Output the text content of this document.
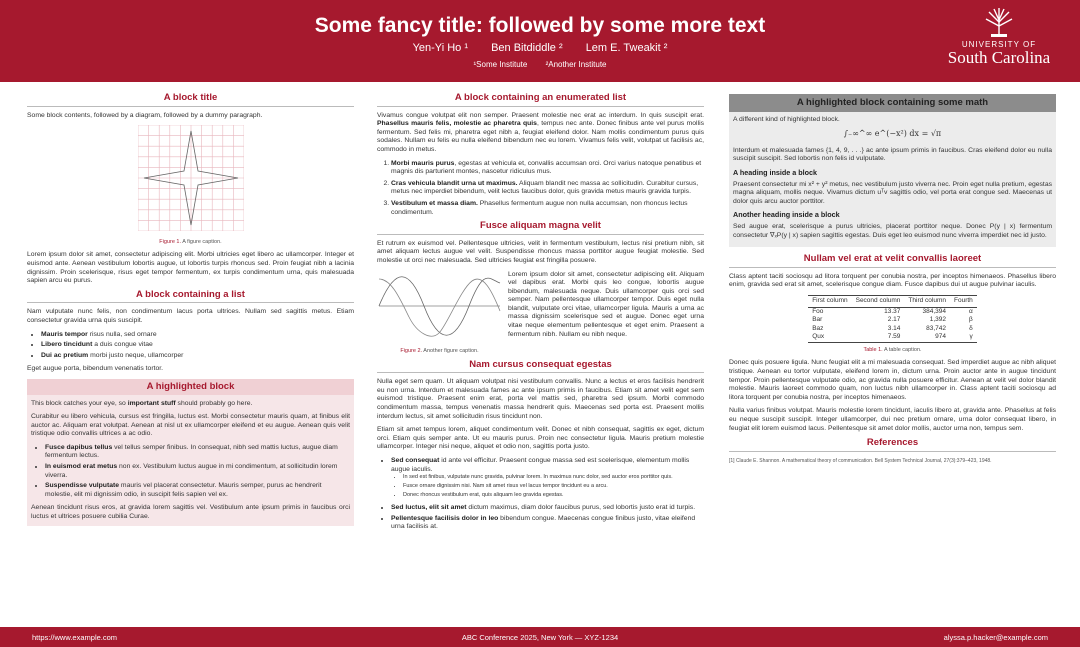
Some fancy title: followed by some more text
Yen-Yi Ho ¹ Ben Bitdiddle ² Lem E. Tweakit ²
¹Some Institute ²Another Institute
UNIVERSITY OF
South Carolina
A block title

Some block contents, followed by a diagram, followed by a dummy paragraph.

Figure 1. A figure caption.

Lorem ipsum dolor sit amet, consectetur adipiscing elit. Morbi ultricies eget libero ac ullamcorper. Integer et euismod ante. Aenean vestibulum lobortis augue, ut lobortis turpis rhoncus sed. Proin feugiat nibh a lacinia dignissim. Proin scelerisque, risus eget tempor fermentum, ex turpis condimentum urna, quis malesuada sapien arcu eu purus.

A block containing a list

Nam vulputate nunc felis, non condimentum lacus porta ultrices. Nullam sed sagittis metus. Etiam consectetur gravida urna quis suscipit.

• Mauris tempor risus nulla, sed ornare
• Libero tincidunt a duis congue vitae
• Dui ac pretium morbi justo neque, ullamcorper

Eget augue porta, bibendum venenatis tortor.

A highlighted block

This block catches your eye, so important stuff should probably go here.

Curabitur eu libero vehicula, cursus est fringilla, luctus est. Morbi consectetur mauris quam, at finibus elit auctor ac. Aliquam erat volutpat. Aenean at nisl ut ex ullamcorper eleifend et eu augue. Aenean quis velit tristique odio convallis ultrices a ac odio.

• Fusce dapibus tellus vel tellus semper finibus. In consequat, nibh sed mattis luctus, augue diam fermentum lectus.
• In euismod erat metus non ex. Vestibulum luctus augue in mi condimentum, at sollicitudin lorem viverra.
• Suspendisse vulputate mauris vel placerat consectetur. Mauris semper, purus ac hendrerit molestie, elit mi dignissim odio, in suscipit felis sapien vel ex.

Aenean tincidunt risus eros, at gravida lorem sagittis vel. Vestibulum ante ipsum primis in faucibus orci luctus et ultrices posuere cubilia Curae.

A block containing an enumerated list

Vivamus congue volutpat elit non semper. Praesent molestie nec erat ac interdum. In quis suscipit erat. Phasellus mauris felis, molestie ac pharetra quis, tempus nec ante. Donec finibus ante vel purus mollis fermentum. Sed felis mi, pharetra eget nibh a, feugiat eleifend dolor. Nam mollis condimentum purus quis sodales. Nullam eu felis eu nulla eleifend bibendum nec eu lorem. Vivamus felis velit, volutpat ut facilisis ac, commodo in metus.

1. Morbi mauris purus, egestas at vehicula et, convallis accumsan orci. Orci varius natoque penatibus et magnis dis parturient montes, nascetur ridiculus mus.
2. Cras vehicula blandit urna ut maximus. Aliquam blandit nec massa ac sollicitudin. Curabitur cursus, metus nec imperdiet bibendum, velit lectus faucibus dolor, quis gravida metus mauris gravida turpis.
3. Vestibulum et massa diam. Phasellus fermentum augue non nulla accumsan, non rhoncus lectus condimentum.
Fusce aliquam magna velit

Et rutrum ex euismod vel. Pellentesque ultricies, velit in fermentum vestibulum, lectus nisi pretium nibh, sit amet aliquam lectus augue vel velit. Suspendisse rhoncus massa porttitor augue feugiat molestie. Sed molestie ut orci nec malesuada. Sed ultricies feugiat est fringilla posuere.

Figure 2. Another figure caption.

Lorem ipsum dolor sit amet, consectetur adipiscing elit. Aliquam vel dapibus erat. Morbi quis leo congue, lobortis augue bibendum, malesuada neque. Duis ullamcorper quis orci sed semper. Nam pellentesque ullamcorper tempor. Duis eget nulla blandit, vulputate orci vitae, ullamcorper ligula. Mauris a urna ac massa dignissim scelerisque sed et augue. Donec eget urna vitae neque elementum pellentesque et eget enim. Praesent a fermentum nibh. Nullam eu nibh neque.

Nam cursus consequat egestas

Nulla eget sem quam. Ut aliquam volutpat nisi vestibulum convallis. Nunc a lectus et eros facilisis hendrerit eu non urna. Interdum et malesuada fames ac ante ipsum primis in faucibus. Etiam sit amet velit eget sem euismod tristique. Praesent enim erat, porta vel mattis sed, pharetra sed ipsum. Morbi commodo condimentum massa, tempus venenatis massa hendrerit quis. Maecenas sed porta est. Praesent mollis interdum lectus, sit amet sollicitudin risus tincidunt non.

Etiam sit amet tempus lorem, aliquet condimentum velit. Donec et nibh consequat, sagittis ex eget, dictum orci. Etiam quis semper ante. Ut eu mauris purus. Proin nec consectetur ligula. Mauris pretium molestie ullamcorper. Integer nisi neque, aliquet et odio non, sagittis porta justo.

• Sed consequat id ante vel efficitur. Praesent congue massa sed est scelerisque, elementum mollis augue iaculis.
• In sed est finibus, vulputate nunc gravida, pulvinar lorem. In maximus nunc dolor, sed auctor eros porttitor quis.
• Fusce ornare dignissim nisi. Nam sit amet risus vel lacus tempor tincidunt eu a arcu.
• Donec rhoncus vestibulum erat, quis aliquam leo gravida egestas.
• Sed luctus, elit sit amet dictum maximus, diam dolor faucibus purus, sed lobortis justo erat id turpis.
• Pellentesque facilisis dolor in leo bibendum congue. Maecenas congue finibus justo, vitae eleifend urna facilisis at.
A highlighted block containing some math

A different kind of highlighted block.

∫₋∞^∞ e^(−x²) dx = √π

Interdum et malesuada fames {1, 4, 9, . . .} ac ante ipsum primis in faucibus. Cras eleifend dolor eu nulla suscipit suscipit. Sed lobortis non felis id vulputate.

A heading inside a block

Praesent consectetur mi x² + y² metus, nec vestibulum justo viverra nec. Proin eget nulla pretium, egestas magna aliquam, mollis neque. Vivamus dictum uᵀv sagittis odio, vel porta erat congue sed. Maecenas ut dolor quis arcu auctor porttitor.

Another heading inside a block

Sed augue erat, scelerisque a purus ultricies, placerat porttitor neque. Donec P(y | x) fermentum consectetur ∇ₓP(y | x) sapien sagittis egestas. Duis eget leo euismod nunc viverra imperdiet nec id justo.

Nullam vel erat at velit convallis laoreet

Class aptent taciti sociosqu ad litora torquent per conubia nostra, per inceptos himenaeos. Phasellus libero enim, gravida sed erat sit amet, scelerisque congue diam. Fusce dapibus dui ut augue pulvinar iaculis.

First column	Second column	Third column	Fourth
Foo	13.37	384,394	α
Bar	2.17	1,392	β
Baz	3.14	83,742	δ
Qux	7.59	974	γ
Table 1. A table caption.

Donec quis posuere ligula. Nunc feugiat elit a mi malesuada consequat. Sed imperdiet augue ac nibh aliquet tristique. Aenean eu tortor vulputate, eleifend lorem in, dictum urna. Proin auctor ante in augue tincidunt tempor. Proin pellentesque vulputate odio, ac gravida nulla posuere efficitur. Aenean at velit vel dolor blandit molestie. Mauris laoreet commodo quam, non luctus nibh ullamcorper in. Class aptent taciti sociosqu ad litora torquent per conubia nostra, per inceptos himenaeos.

Nulla varius finibus volutpat. Mauris molestie lorem tincidunt, iaculis libero at, gravida ante. Phasellus at felis eu neque suscipit suscipit. Integer ullamcorper, dui nec pretium ornare, urna dolor consequat libero, in feugiat elit lorem euismod lacus. Pellentesque sit amet dolor mollis, auctor urna non, tempus sem.

References
[1] Claude E. Shannon. A mathematical theory of communication. Bell System Technical Journal, 27(3):379–423, 1948.
https://www.example.com	ABC Conference 2025, New York — XYZ-1234	alyssa.p.hacker@example.com
